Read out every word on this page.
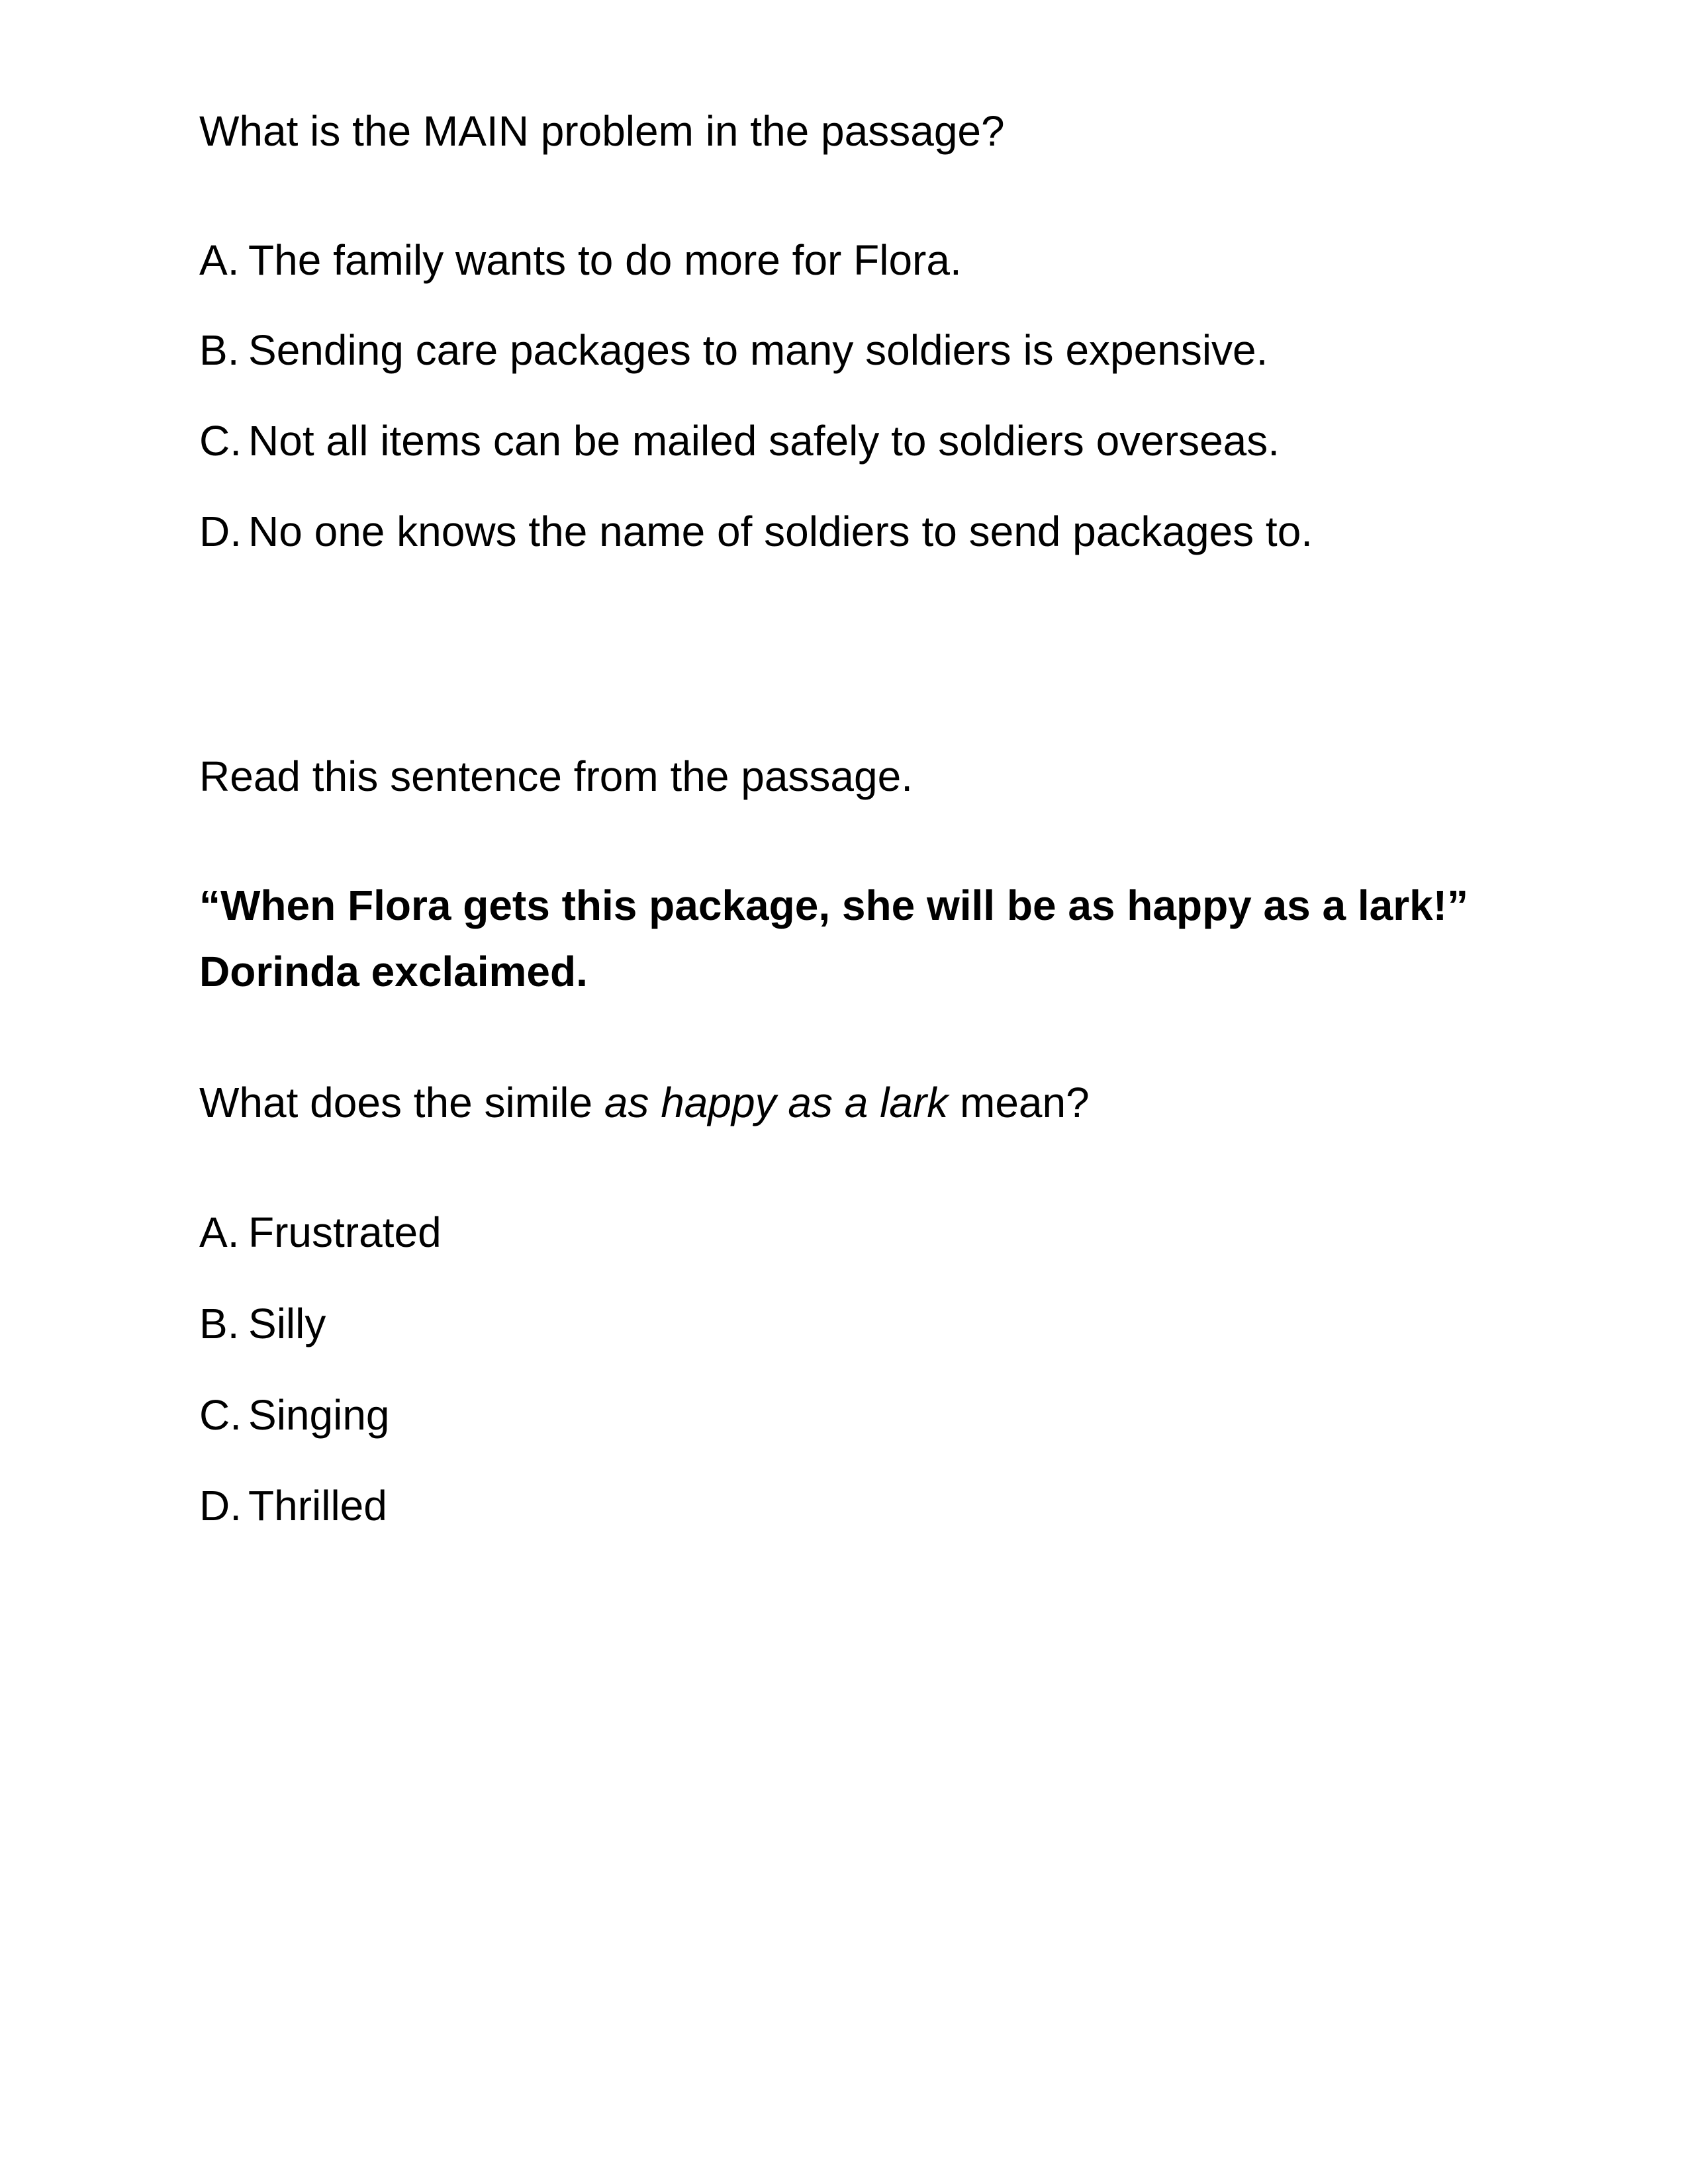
What is the MAIN problem in the passage?

A. The family wants to do more for Flora.

B. Sending care packages to many soldiers is expensive.

C. Not all items can be mailed safely to soldiers overseas.

D. No one knows the name of soldiers to send packages to.

Read this sentence from the passage.

“When Flora gets this package, she will be as happy as a lark!”
Dorinda exclaimed.

What does the simile as happy as a lark mean?

A. Frustrated

B. Silly

C. Singing

D. Thrilled
